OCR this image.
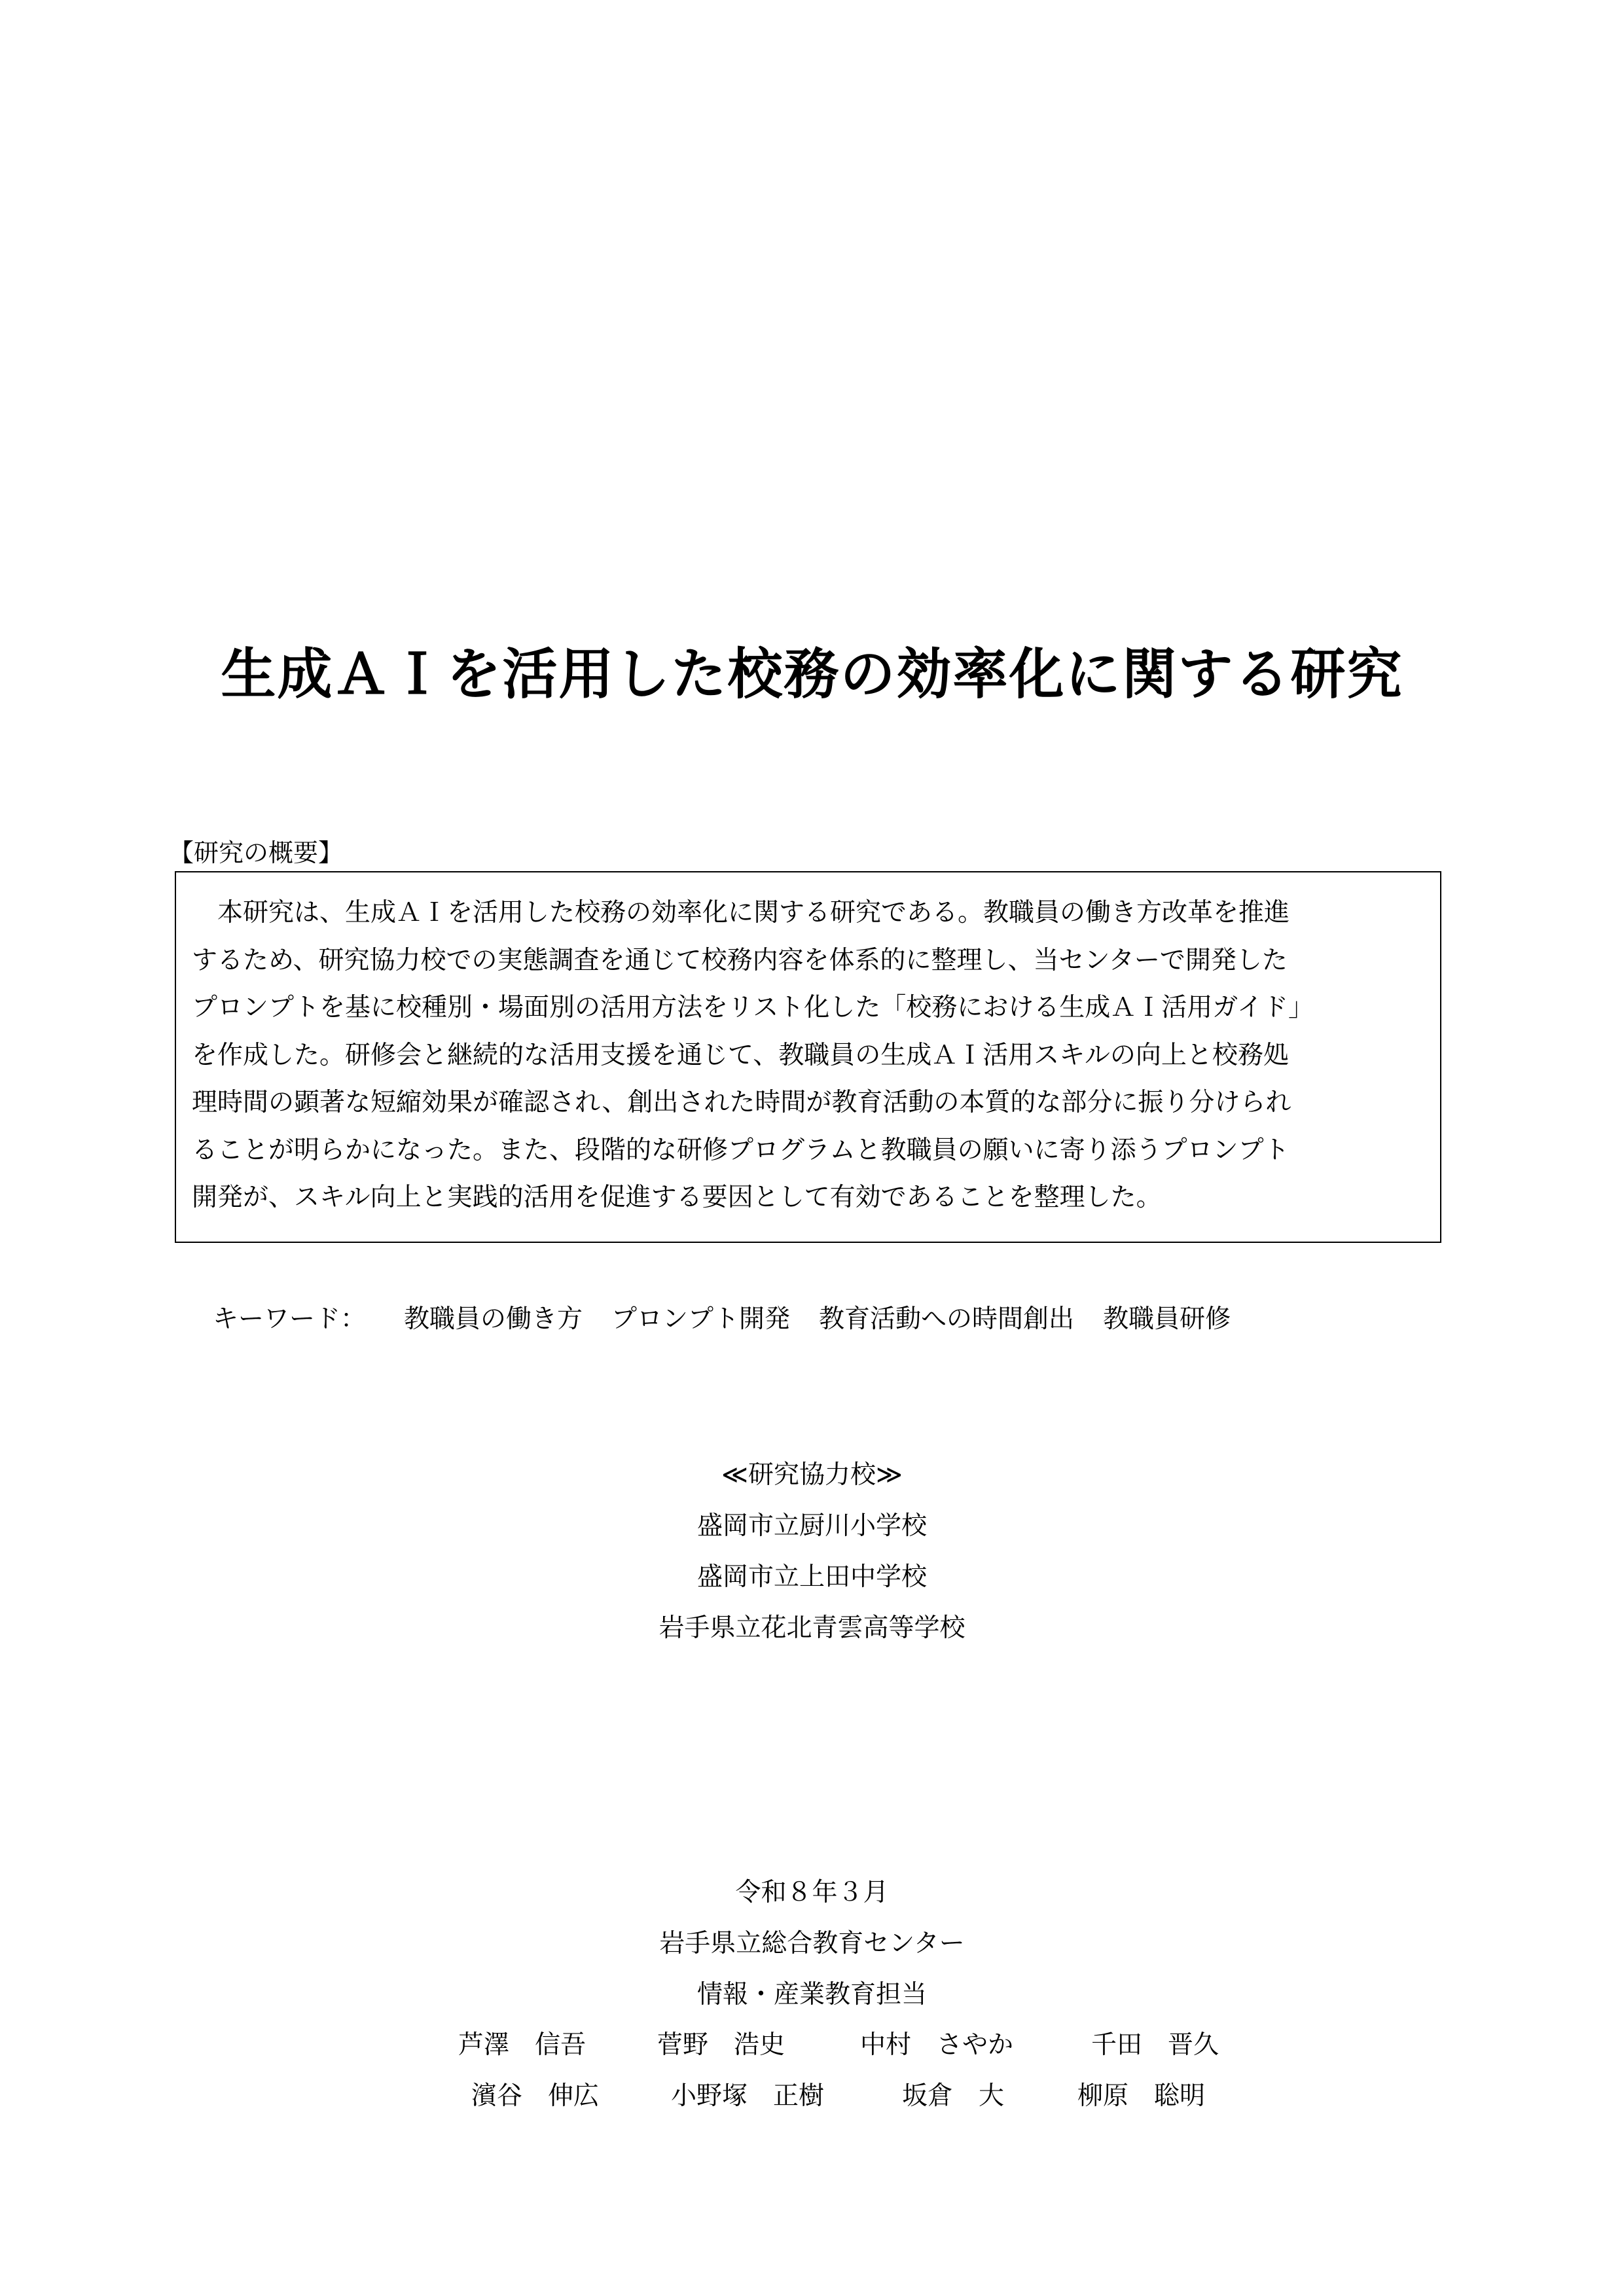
生成ＡＩを活用した校務の効率化に関する研究
【研究の概要】
　本研究は、生成ＡＩを活用した校務の効率化に関する研究である。教職員の働き方改革を推進
するため、研究協力校での実態調査を通じて校務内容を体系的に整理し、当センターで開発した
プロンプトを基に校種別・場面別の活用方法をリスト化した「校務における生成ＡＩ活用ガイド」
を作成した。研修会と継続的な活用支援を通じて、教職員の生成ＡＩ活用スキルの向上と校務処
理時間の顕著な短縮効果が確認され、創出された時間が教育活動の本質的な部分に振り分けられ
ることが明らかになった。また、段階的な研修プログラムと教職員の願いに寄り添うプロンプト
開発が、スキル向上と実践的活用を促進する要因として有効であることを整理した。
キーワード： 教職員の働き方 プロンプト開発 教育活動への時間創出 教職員研修
≪研究協力校≫
盛岡市立厨川小学校
盛岡市立上田中学校
岩手県立花北青雲高等学校
令和８年３月
岩手県立総合教育センター
情報・産業教育担当
芦澤　信吾	菅野　浩史	中村　さやか	千田　晋久
濱谷　伸広	小野塚　正樹	坂倉　大	柳原　聡明
